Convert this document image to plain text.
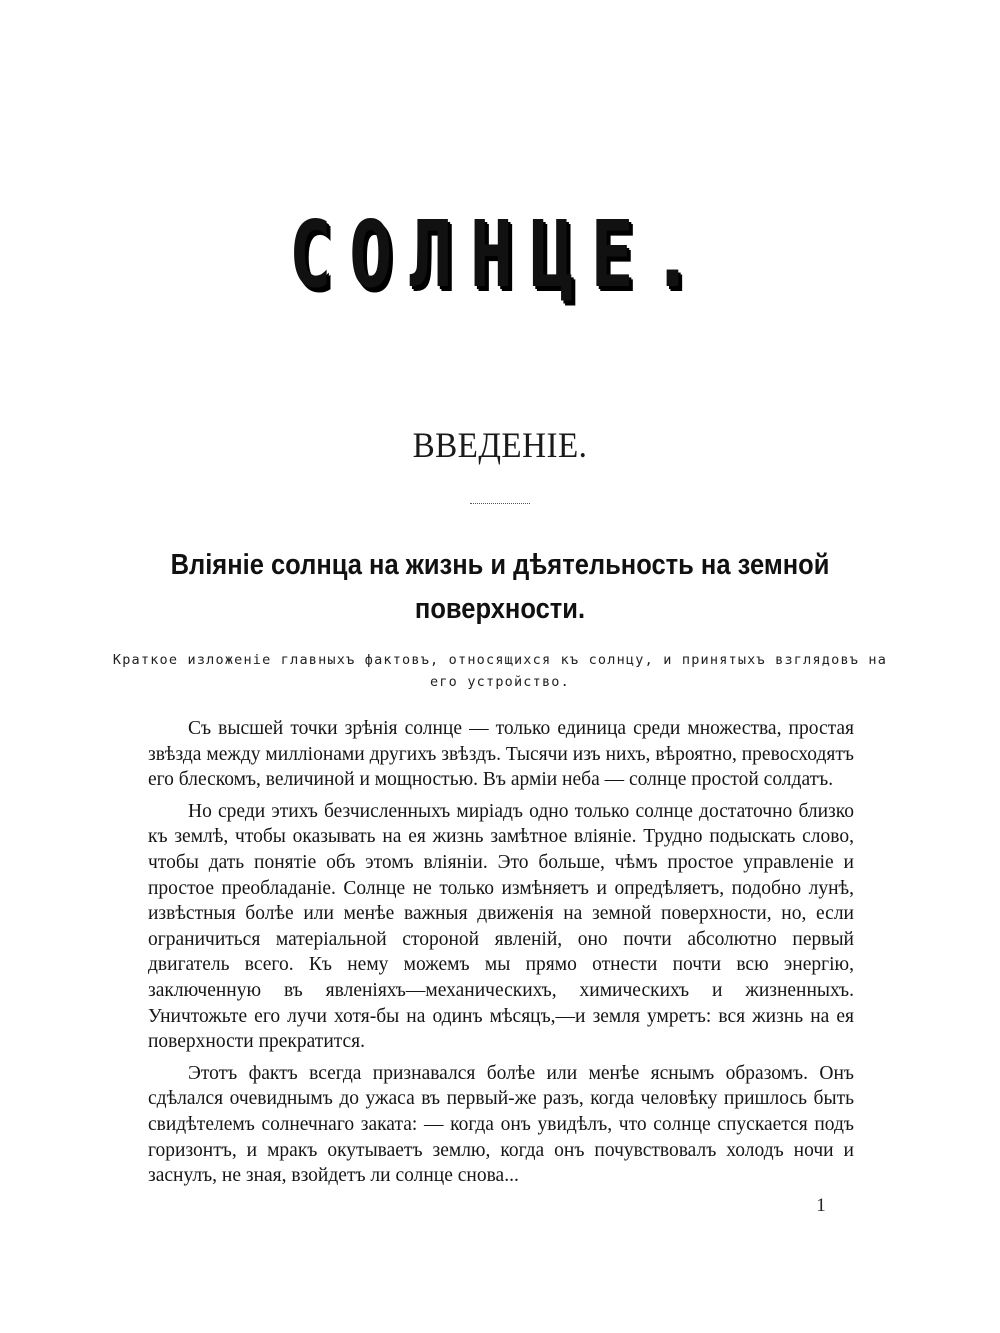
СОЛНЦЕ.
ВВЕДЕНІЕ.
Вліяніе солнца на жизнь и дѣятельность на земной поверхности.
Краткое изложеніе главныхъ фактовъ, относящихся къ солнцу, и принятыхъ взглядовъ на его устройство.

Съ высшей точки зрѣнія солнце — только единица среди множества, простая звѣзда между милліонами другихъ звѣздъ. Тысячи изъ нихъ, вѣроятно, превосходятъ его блескомъ, величиной и мощностью. Въ арміи неба — солнце простой солдатъ.

Но среди этихъ безчисленныхъ миріадъ одно только солнце достаточно близко къ землѣ, чтобы оказывать на ея жизнь замѣтное вліяніе. Трудно подыскать слово, чтобы дать понятіе объ этомъ вліяніи. Это больше, чѣмъ простое управленіе и простое преобладаніе. Солнце не только измѣняетъ и опредѣляетъ, подобно лунѣ, извѣстныя болѣе или менѣе важныя движенія на земной поверхности, но, если ограничиться матеріальной стороной явленій, оно почти абсолютно первый двигатель всего. Къ нему можемъ мы прямо отнести почти всю энергію, заключенную въ явленіяхъ—механическихъ, химическихъ и жизненныхъ. Уничтожьте его лучи хотя-бы на одинъ мѣсяцъ,—и земля умретъ: вся жизнь на ея поверхности прекратится.

Этотъ фактъ всегда признавался болѣе или менѣе яснымъ образомъ. Онъ сдѣлался очевиднымъ до ужаса въ первый-же разъ, когда человѣку пришлось быть свидѣтелемъ солнечнаго заката: — когда онъ увидѣлъ, что солнце спускается подъ горизонтъ, и мракъ окутываетъ землю, когда онъ почувствовалъ холодъ ночи и заснулъ, не зная, взойдетъ ли солнце снова...

1
